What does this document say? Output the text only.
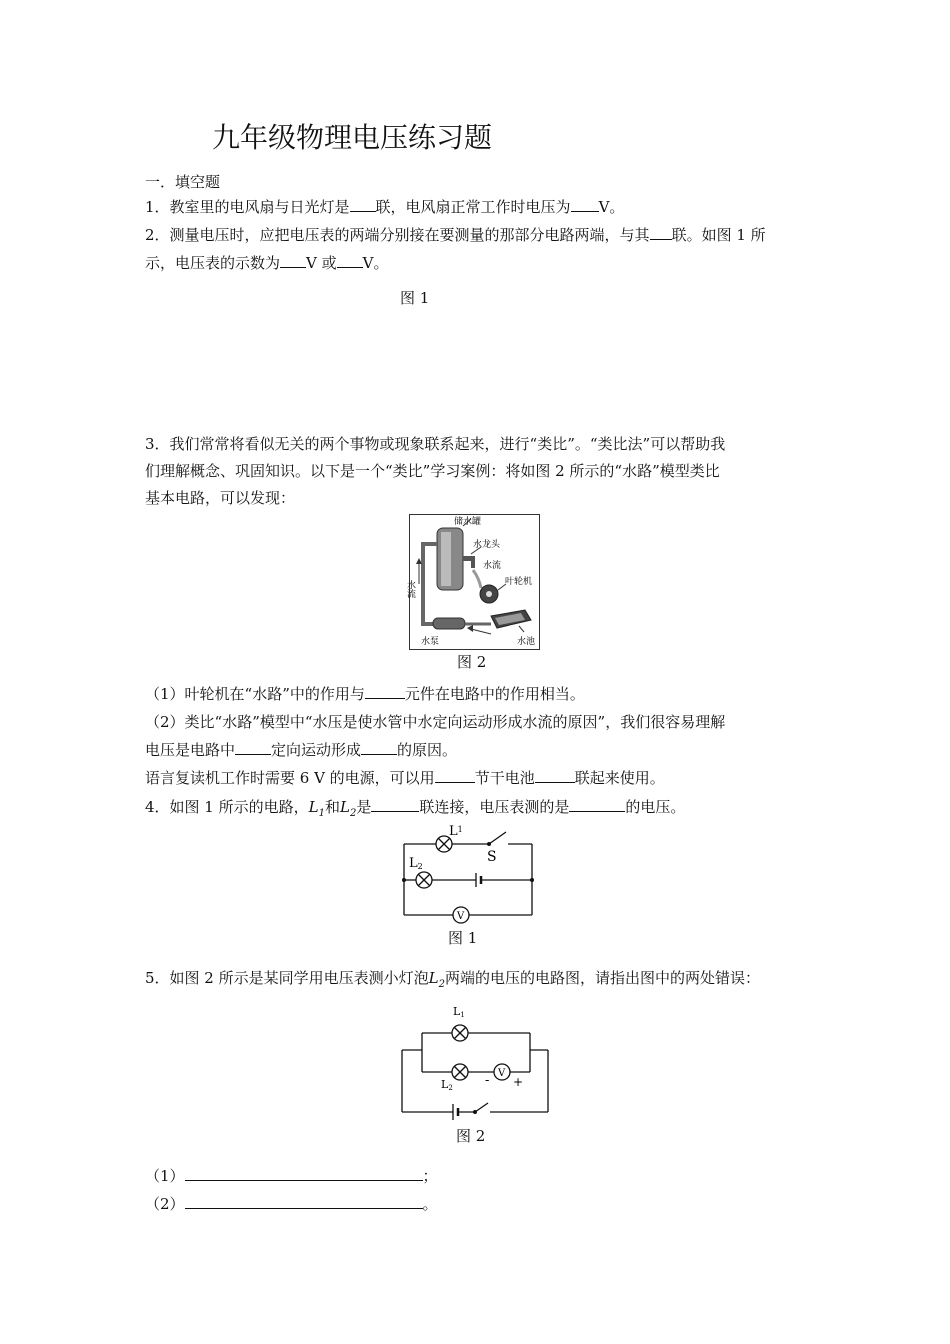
九年级物理电压练习题
一．填空题
1．教室里的电风扇与日光灯是 联，电风扇正常工作时电压为 V。
2．测量电压时，应把电压表的两端分别接在要测量的那部分电路两端，与其 联。如图 1 所
示，电压表的示数为 V 或 V。
图 1
3．我们常常将看似无关的两个事物或现象联系起来，进行“类比”。“类比法”可以帮助我
们理解概念、巩固知识。以下是一个“类比”学习案例：将如图 2 所示的“水路”模型类比
基本电路，可以发现：
储水罐
水龙头
水流
叶轮机
水泵	水池
水流
图 2
（1）叶轮机在“水路”中的作用与	元件在电路中的作用相当。
（2）类比“水路”模型中“水压是使水管中水定向运动形成水流的原因”，我们很容易理解
电压是电路中 定向运动形成 的原因。
语言复读机工作时需要 6 V 的电源，可以用	节干电池	联起来使用。
4．如图 1 所示的电路，$L_1$和$L_2$是	联连接，电压表测的是	的电压。
$L^1$
L2
S
V
图 1
5．如图 2 所示是某同学用电压表测小灯泡$L_2$两端的电压的电路图，请指出图中的两处错误：
L1
L2
V
- +
图 2
（1）	；
（2）	。
